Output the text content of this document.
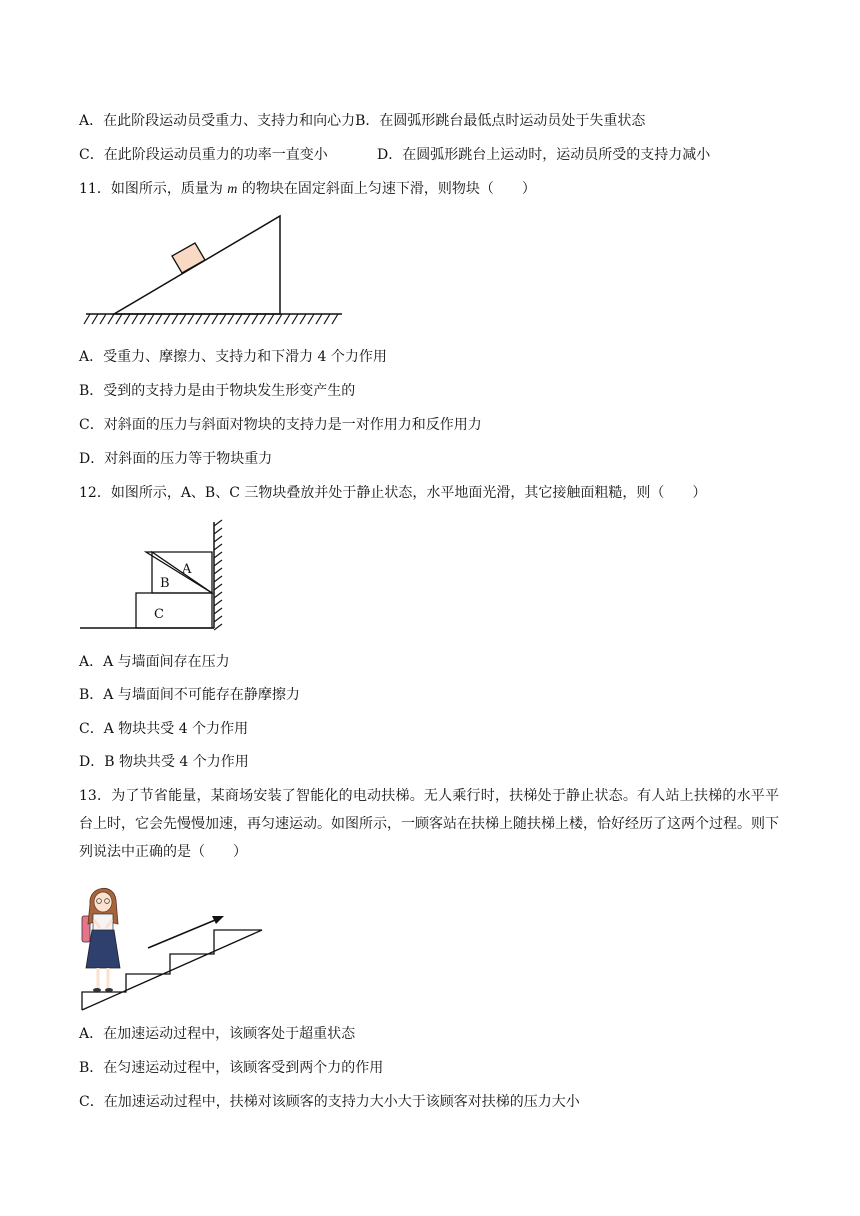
A．在此阶段运动员受重力、支持力和向心力B．在圆弧形跳台最低点时运动员处于失重状态
C．在此阶段运动员重力的功率一直变小	D．在圆弧形跳台上运动时，运动员所受的支持力减小
11．如图所示，质量为 m 的物块在固定斜面上匀速下滑，则物块（　　）
A．受重力、摩擦力、支持力和下滑力 4 个力作用
B．受到的支持力是由于物块发生形变产生的
C．对斜面的压力与斜面对物块的支持力是一对作用力和反作用力
D．对斜面的压力等于物块重力
12．如图所示，A、B、C 三物块叠放并处于静止状态，水平地面光滑，其它接触面粗糙，则（　　）
A
B
C
A．A 与墙面间存在压力
B．A 与墙面间不可能存在静摩擦力
C．A 物块共受 4 个力作用
D．B 物块共受 4 个力作用
13．为了节省能量，某商场安装了智能化的电动扶梯。无人乘行时，扶梯处于静止状态。有人站上扶梯的水平平台上时，它会先慢慢加速，再匀速运动。如图所示，一顾客站在扶梯上随扶梯上楼，恰好经历了这两个过程。则下列说法中正确的是（　　）
A．在加速运动过程中，该顾客处于超重状态
B．在匀速运动过程中，该顾客受到两个力的作用
C．在加速运动过程中，扶梯对该顾客的支持力大小大于该顾客对扶梯的压力大小
